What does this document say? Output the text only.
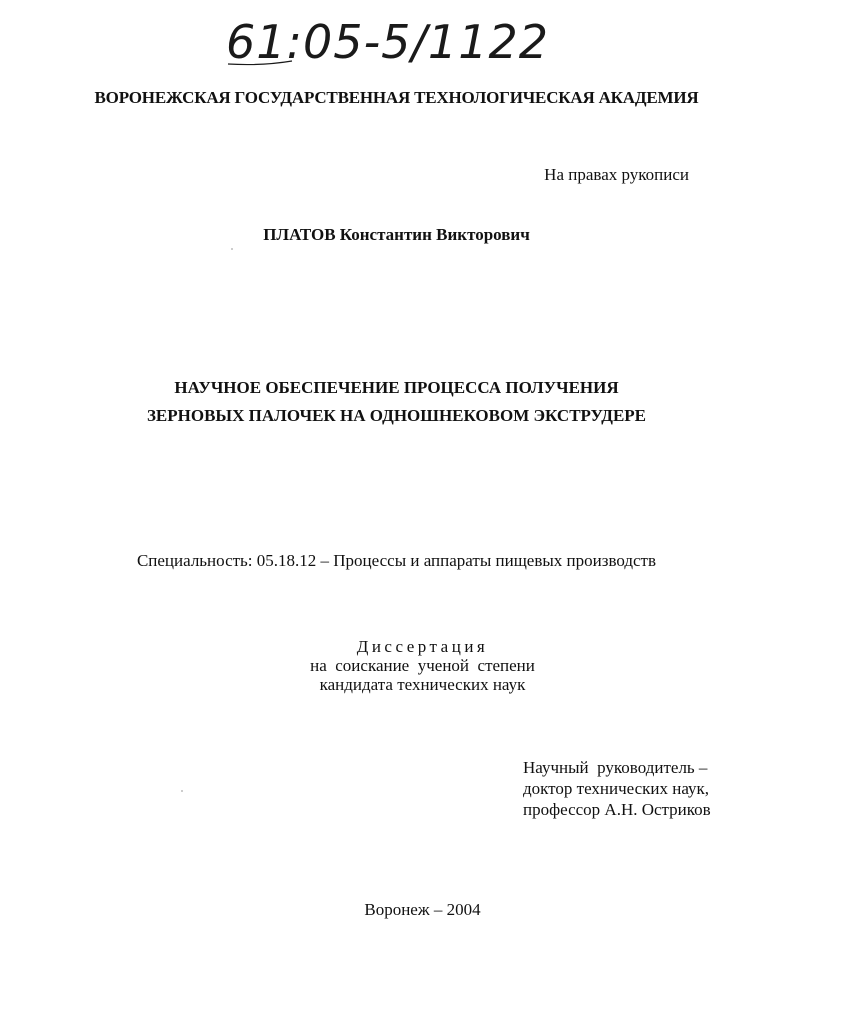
61:05-5/1122
ВОРОНЕЖСКАЯ ГОСУДАРСТВЕННАЯ ТЕХНОЛОГИЧЕСКАЯ АКАДЕМИЯ
На правах рукописи
ПЛАТОВ Константин Викторович
НАУЧНОЕ ОБЕСПЕЧЕНИЕ ПРОЦЕССА ПОЛУЧЕНИЯ
ЗЕРНОВЫХ ПАЛОЧЕК НА ОДНОШНЕКОВОМ ЭКСТРУДЕРЕ
Специальность: 05.18.12 – Процессы и аппараты пищевых производств
Диссертация
на  соискание  ученой  степени
кандидата технических наук
Научный  руководитель –
доктор технических наук,
профессор А.Н. Остриков
Воронеж – 2004
